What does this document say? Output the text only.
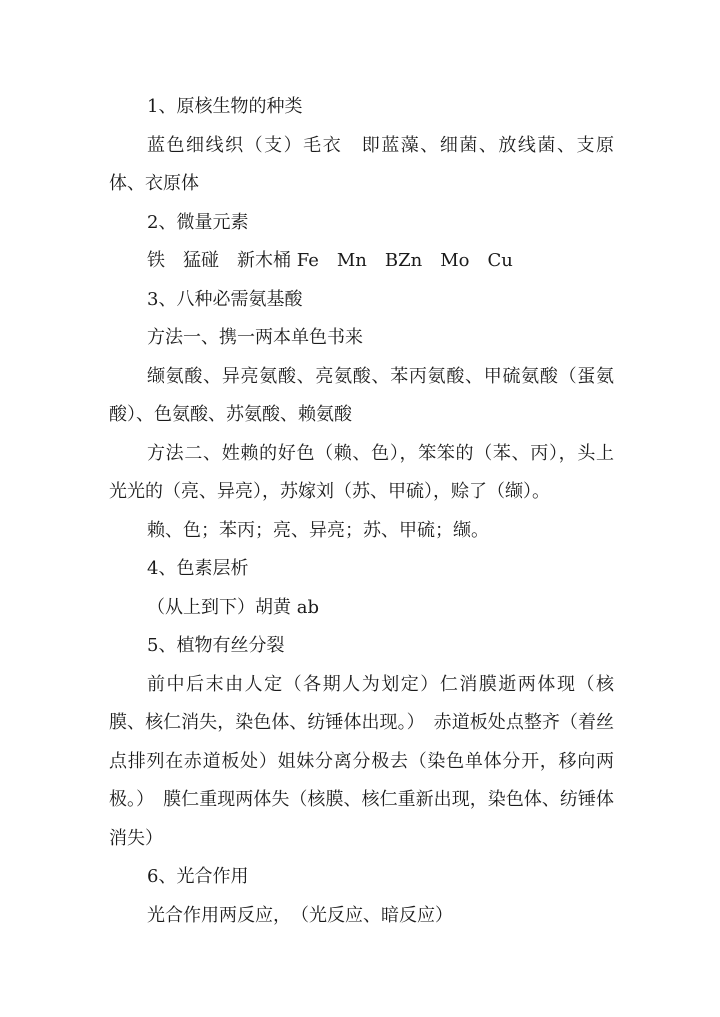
1、原核生物的种类

蓝色细线织（支）毛衣　即蓝藻、细菌、放线菌、支原体、衣原体

2、微量元素

铁　猛碰　新木桶 Fe　Mn　BZn　Mo　Cu

3、八种必需氨基酸

方法一、携一两本单色书来

缬氨酸、异亮氨酸、亮氨酸、苯丙氨酸、甲硫氨酸（蛋氨酸）、色氨酸、苏氨酸、赖氨酸

方法二、姓赖的好色（赖、色），笨笨的（苯、丙），头上光光的（亮、异亮），苏嫁刘（苏、甲硫），赊了（缬）。

赖、色；苯丙；亮、异亮；苏、甲硫；缬。

4、色素层析

（从上到下）胡黄 ab

5、植物有丝分裂

前中后末由人定（各期人为划定）仁消膜逝两体现（核膜、核仁消失，染色体、纺锤体出现。）　赤道板处点整齐（着丝点排列在赤道板处）姐妹分离分极去（染色单体分开，移向两极。）　膜仁重现两体失（核膜、核仁重新出现，染色体、纺锤体消失）

6、光合作用

光合作用两反应，　（光反应、暗反应）
